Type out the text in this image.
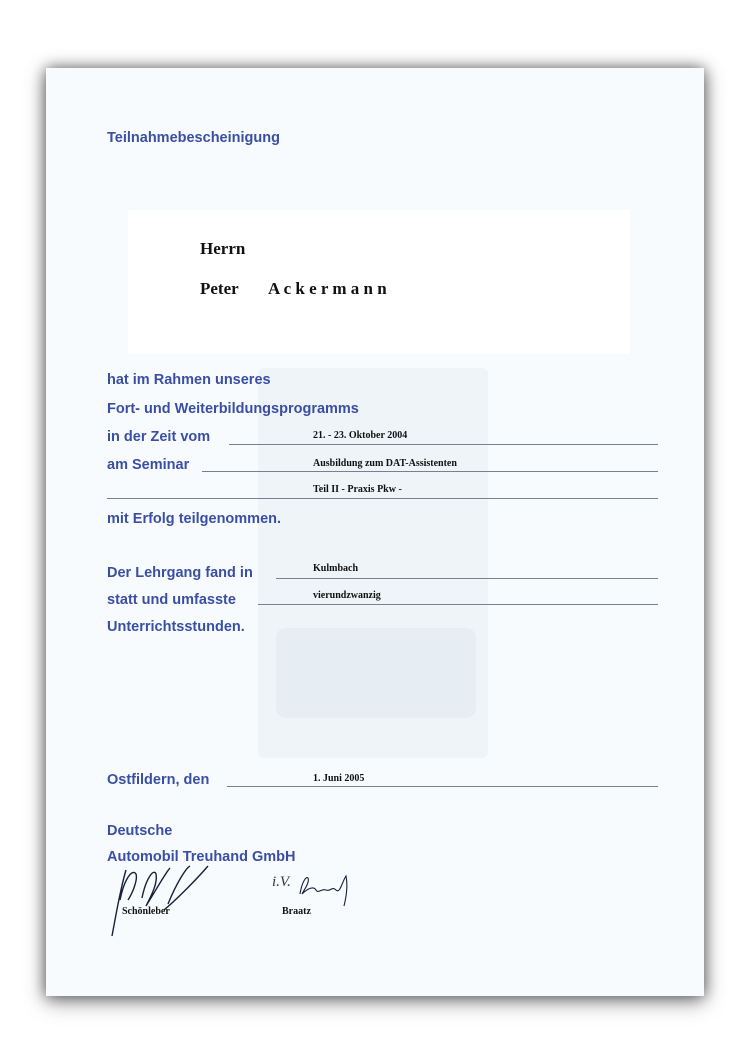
Teilnahmebescheinigung
Herrn
Peter A c k e r m a n n
hat im Rahmen unseres
Fort- und Weiterbildungsprogramms
in der Zeit vom	21. - 23. Oktober 2004
am Seminar	Ausbildung zum DAT-Assistenten
Teil II - Praxis Pkw -
mit Erfolg teilgenommen.
Der Lehrgang fand in	Kulmbach
statt und umfasste	vierundzwanzig
Unterrichtsstunden.
Ostfildern, den	1. Juni 2005
Deutsche
Automobil Treuhand GmbH
Schönleber
i.V.
Braatz
